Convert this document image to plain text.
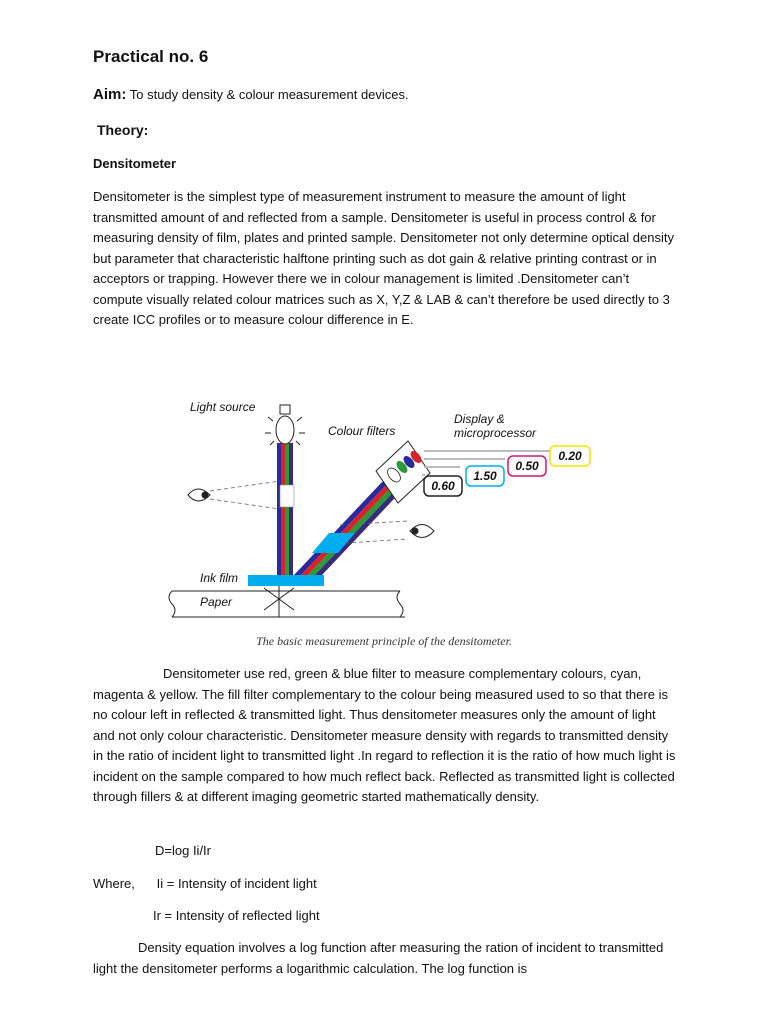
Practical no. 6
Aim: To study density & colour measurement devices.
Theory:
Densitometer

Densitometer is the simplest type of measurement instrument to measure the amount of light transmitted amount of and reflected from a sample. Densitometer is useful in process control & for measuring density of film, plates and printed sample. Densitometer not only determine optical density but parameter that characteristic halftone printing such as dot gain & relative printing contrast or in acceptors or trapping. However there we in colour management is limited .Densitometer can’t compute visually related colour matrices such as X, Y,Z & LAB & can’t therefore be used directly to 3 create ICC profiles or to measure colour difference in E.

0.60
1.50
0.50
0.20
Light source
Colour filters
Display &
microprocessor
Ink film
Paper
The basic measurement principle of the densitometer.

Densitometer use red, green & blue filter to measure complementary colours, cyan, magenta & yellow. The fill filter complementary to the colour being measured used to so that there is no colour left in reflected & transmitted light. Thus densitometer measures only the amount of light and not only colour characteristic. Densitometer measure density with regards to transmitted density in the ratio of incident light to transmitted light .In regard to reflection it is the ratio of how much light is incident on the sample compared to how much reflect back. Reflected as transmitted light is collected through fillers & at different imaging geometric started mathematically density.

D=log Ii/Ir
Where, Ii = Intensity of incident light
Ir = Intensity of reflected light

Density equation involves a log function after measuring the ration of incident to transmitted light the densitometer performs a logarithmic calculation. The log function is
